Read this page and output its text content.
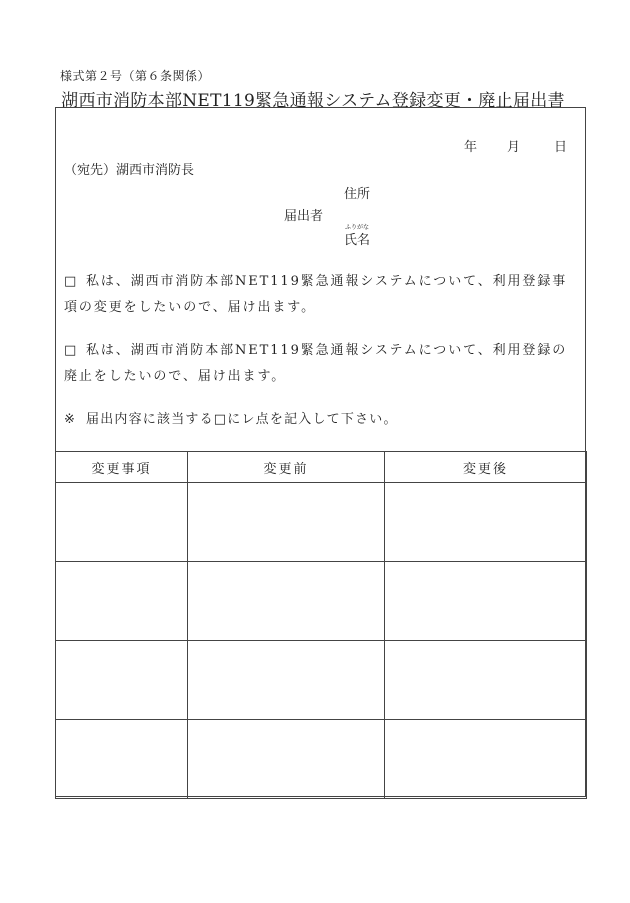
様式第２号（第６条関係）
湖西市消防本部NET119緊急通報システム登録変更・廃止届出書
年 月	日
（宛先）湖西市消防長
住所
届出者
ふりがな
氏名
□ 私は、湖西市消防本部NET119緊急通報システムについて、利用登録事項の変更をしたいので、届け出ます。
□ 私は、湖西市消防本部NET119緊急通報システムについて、利用登録の廃止をしたいので、届け出ます。
※ 届出内容に該当する□にレ点を記入して下さい。
変更事項	変更前	変更後
